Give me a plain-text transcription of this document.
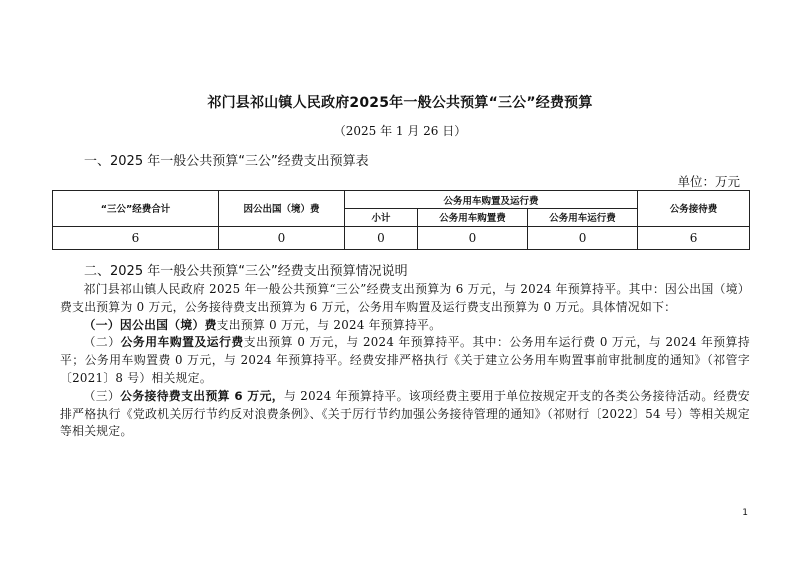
祁门县祁山镇人民政府2025年一般公共预算“三公”经费预算
（2025 年 1 月 26 日）
一、2025 年一般公共预算“三公”经费支出预算表
单位：万元
“三公”经费合计	因公出国（境）费	公务用车购置及运行费			公务接待费
		小计	公务用车购置费	公务用车运行费	
6	0	0	0	0	6
二、2025 年一般公共预算“三公”经费支出预算情况说明

祁门县祁山镇人民政府 2025 年一般公共预算“三公”经费支出预算为 6 万元，与 2024 年预算持平。其中：因公出国（境）费支出预算为 0 万元，公务接待费支出预算为 6 万元，公务用车购置及运行费支出预算为 0 万元。具体情况如下：

（一）因公出国（境）费支出预算 0 万元，与 2024 年预算持平。

（二）公务用车购置及运行费支出预算 0 万元，与 2024 年预算持平。其中：公务用车运行费 0 万元，与 2024 年预算持平；公务用车购置费 0 万元，与 2024 年预算持平。经费安排严格执行《关于建立公务用车购置事前审批制度的通知》（祁管字〔2021〕8 号）相关规定。

（三）公务接待费支出预算 6 万元，与 2024 年预算持平。该项经费主要用于单位按规定开支的各类公务接待活动。经费安排严格执行《党政机关厉行节约反对浪费条例》、《关于厉行节约加强公务接待管理的通知》（祁财行〔2022〕54 号）等相关规定等相关规定。

1
